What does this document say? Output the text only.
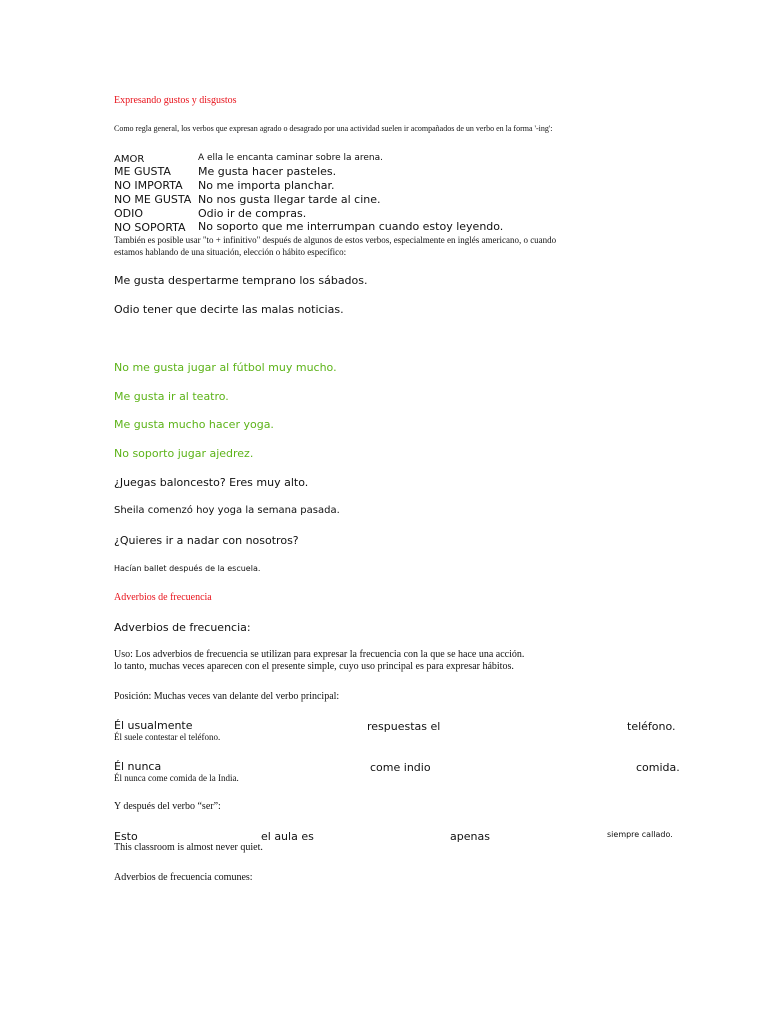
Expresando gustos y disgustos
Como regla general, los verbos que expresan agrado o desagrado por una actividad suelen ir acompañados de un verbo en la forma '-ing':
AMOR	A ella le encanta caminar sobre la arena.
ME GUSTA Me gusta hacer pasteles.
NO IMPORTA No me importa planchar.
NO ME GUSTA No nos gusta llegar tarde al cine.
ODIO	Odio ir de compras.
NO SOPORTA No soporto que me interrumpan cuando estoy leyendo.
También es posible usar "to + infinitivo" después de algunos de estos verbos, especialmente en inglés americano, o cuando
estamos hablando de una situación, elección o hábito específico:
Me gusta despertarme temprano los sábados.
Odio tener que decirte las malas noticias.
No me gusta jugar al fútbol muy mucho.
Me gusta ir al teatro.
Me gusta mucho hacer yoga.
No soporto jugar ajedrez.
¿Juegas baloncesto? Eres muy alto.
Sheila comenzó hoy yoga la semana pasada.
¿Quieres ir a nadar con nosotros?
Hacían ballet después de la escuela.
Adverbios de frecuencia
Adverbios de frecuencia:
Uso: Los adverbios de frecuencia se utilizan para expresar la frecuencia con la que se hace una acción.
lo tanto, muchas veces aparecen con el presente simple, cuyo uso principal es para expresar hábitos.
Posición: Muchas veces van delante del verbo principal:
Él usualmente	respuestas el	teléfono.
Él suele contestar el teléfono.
Él nunca	come indio	comida.
Él nunca come comida de la India.
Y después del verbo “ser”:
Esto	el aula es	apenas	siempre callado.
This classroom is almost never quiet.
Adverbios de frecuencia comunes:
